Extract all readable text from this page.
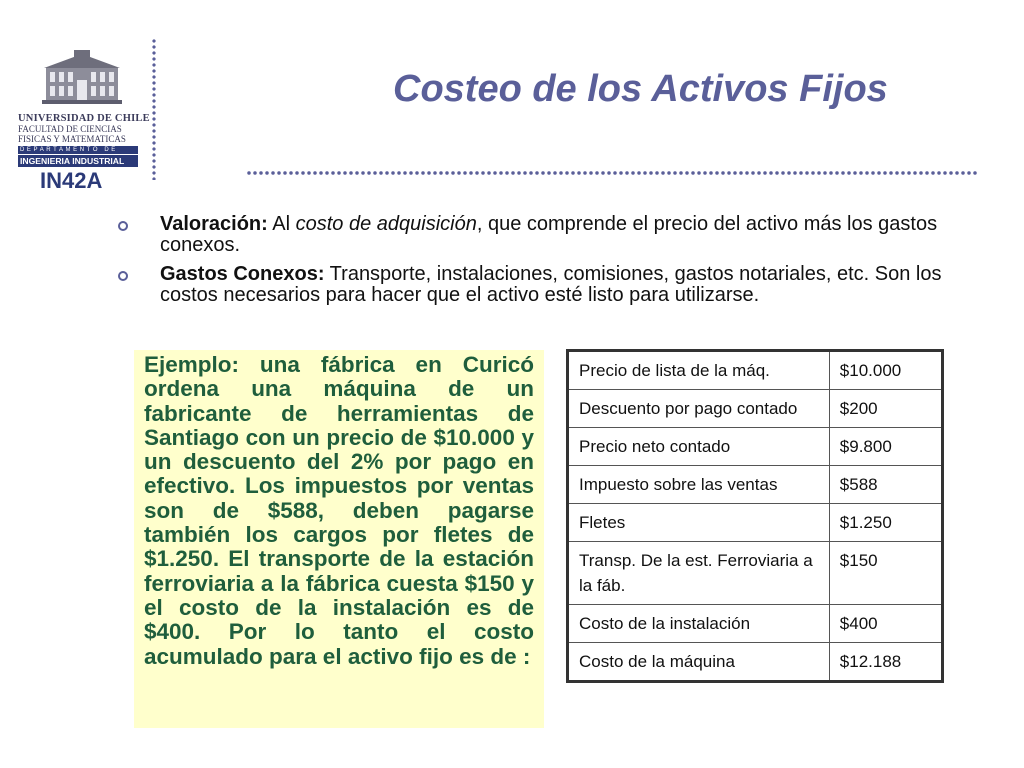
UNIVERSIDAD DE CHILE
FACULTAD DE CIENCIAS
FISICAS Y MATEMATICAS
DEPARTAMENTO DE
INGENIERIA INDUSTRIAL
IN42A
Costeo de los Activos Fijos
Valoración: Al costo de adquisición, que comprende el precio del activo más los gastos conexos.
Gastos Conexos: Transporte, instalaciones, comisiones, gastos notariales, etc. Son los costos necesarios para hacer que el activo esté listo para utilizarse.

Ejemplo: una fábrica en Curicó ordena una máquina de un fabricante de herramientas de Santiago con un precio de $10.000 y un descuento del 2% por pago en efectivo. Los impuestos por ventas son de $588, deben pagarse también los cargos por fletes de $1.250. El transporte de la estación ferroviaria a la fábrica cuesta $150 y el costo de la instalación es de $400. Por lo tanto el costo acumulado para el activo fijo es de :

Precio de lista de la máq.	$10.000
Descuento por pago contado	$200
Precio neto contado	$9.800
Impuesto sobre las ventas	$588
Fletes	$1.250
Transp. De la est. Ferroviaria a la fáb.	$150
Costo de la instalación	$400
Costo de la máquina	$12.188
